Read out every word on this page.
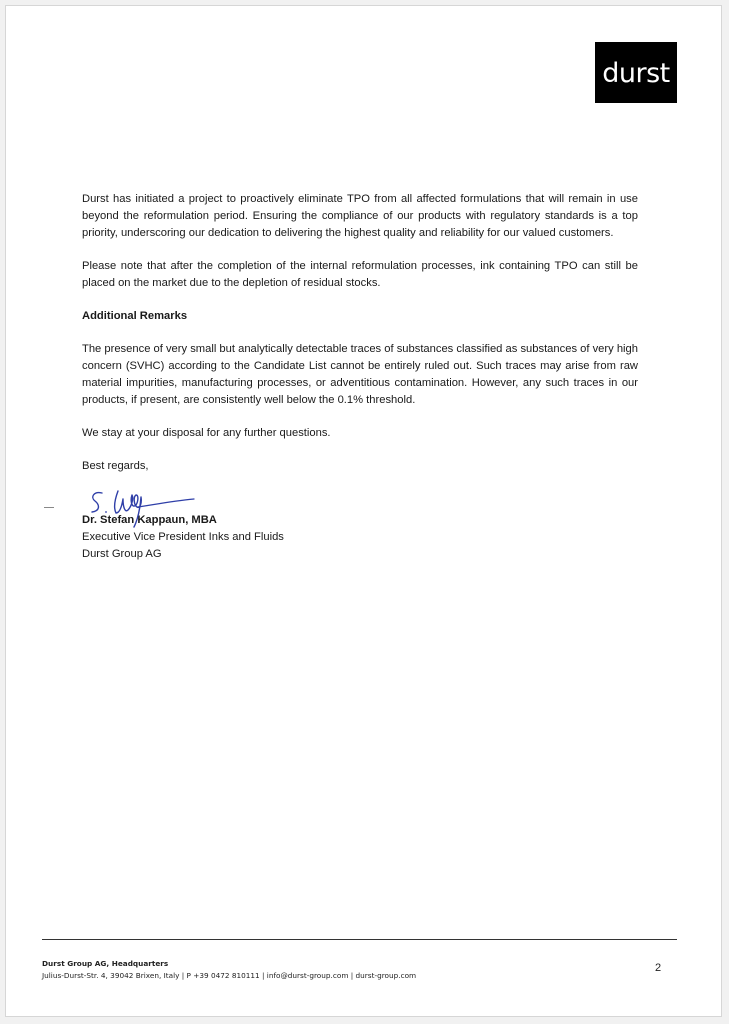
durst

Durst has initiated a project to proactively eliminate TPO from all affected formulations that will remain in use beyond the reformulation period. Ensuring the compliance of our products with regulatory standards is a top priority, underscoring our dedication to delivering the highest quality and reliability for our valued customers.

Please note that after the completion of the internal reformulation processes, ink containing TPO can still be placed on the market due to the depletion of residual stocks.

Additional Remarks

The presence of very small but analytically detectable traces of substances classified as substances of very high concern (SVHC) according to the Candidate List cannot be entirely ruled out. Such traces may arise from raw material impurities, manufacturing processes, or adventitious contamination. However, any such traces in our products, if present, are consistently well below the 0.1% threshold.

We stay at your disposal for any further questions.

Best regards,

Dr. Stefan Kappaun, MBA
Executive Vice President Inks and Fluids
Durst Group AG
Durst Group AG, Headquarters
Julius-Durst-Str. 4, 39042 Brixen, Italy | P +39 0472 810111 | info@durst-group.com | durst-group.com
2
